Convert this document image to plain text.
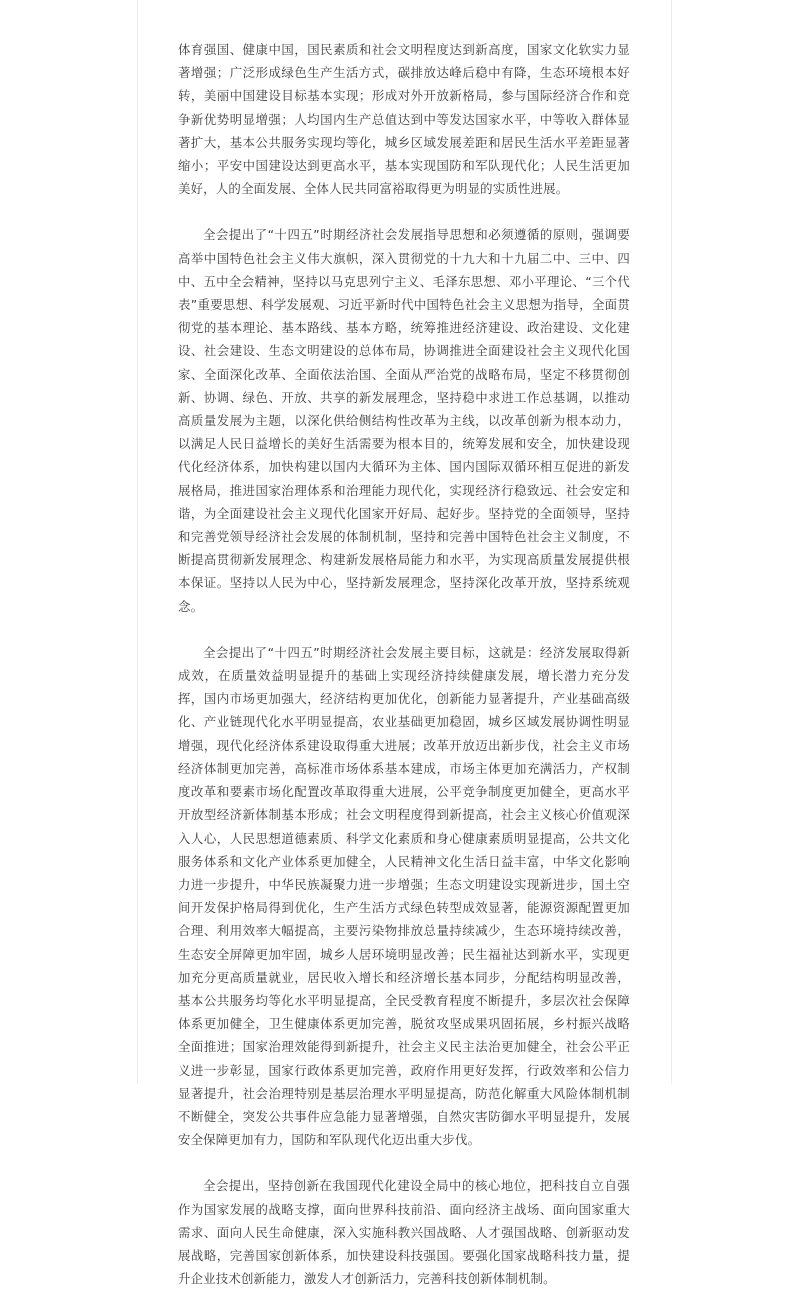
体育强国、健康中国，国民素质和社会文明程度达到新高度，国家文化软实力显著增强；广泛形成绿色生产生活方式，碳排放达峰后稳中有降，生态环境根本好转，美丽中国建设目标基本实现；形成对外开放新格局，参与国际经济合作和竞争新优势明显增强；人均国内生产总值达到中等发达国家水平，中等收入群体显著扩大，基本公共服务实现均等化，城乡区域发展差距和居民生活水平差距显著缩小；平安中国建设达到更高水平，基本实现国防和军队现代化；人民生活更加美好，人的全面发展、全体人民共同富裕取得更为明显的实质性进展。

全会提出了“十四五”时期经济社会发展指导思想和必须遵循的原则，强调要高举中国特色社会主义伟大旗帜，深入贯彻党的十九大和十九届二中、三中、四中、五中全会精神，坚持以马克思列宁主义、毛泽东思想、邓小平理论、“三个代表”重要思想、科学发展观、习近平新时代中国特色社会主义思想为指导，全面贯彻党的基本理论、基本路线、基本方略，统筹推进经济建设、政治建设、文化建设、社会建设、生态文明建设的总体布局，协调推进全面建设社会主义现代化国家、全面深化改革、全面依法治国、全面从严治党的战略布局，坚定不移贯彻创新、协调、绿色、开放、共享的新发展理念，坚持稳中求进工作总基调，以推动高质量发展为主题，以深化供给侧结构性改革为主线，以改革创新为根本动力，以满足人民日益增长的美好生活需要为根本目的，统筹发展和安全，加快建设现代化经济体系，加快构建以国内大循环为主体、国内国际双循环相互促进的新发展格局，推进国家治理体系和治理能力现代化，实现经济行稳致远、社会安定和谐，为全面建设社会主义现代化国家开好局、起好步。坚持党的全面领导，坚持和完善党领导经济社会发展的体制机制，坚持和完善中国特色社会主义制度，不断提高贯彻新发展理念、构建新发展格局能力和水平，为实现高质量发展提供根本保证。坚持以人民为中心，坚持新发展理念，坚持深化改革开放，坚持系统观念。

全会提出了“十四五”时期经济社会发展主要目标，这就是：经济发展取得新成效，在质量效益明显提升的基础上实现经济持续健康发展，增长潜力充分发挥，国内市场更加强大，经济结构更加优化，创新能力显著提升，产业基础高级化、产业链现代化水平明显提高，农业基础更加稳固，城乡区域发展协调性明显增强，现代化经济体系建设取得重大进展；改革开放迈出新步伐，社会主义市场经济体制更加完善，高标准市场体系基本建成，市场主体更加充满活力，产权制度改革和要素市场化配置改革取得重大进展，公平竞争制度更加健全，更高水平开放型经济新体制基本形成；社会文明程度得到新提高，社会主义核心价值观深入人心，人民思想道德素质、科学文化素质和身心健康素质明显提高，公共文化服务体系和文化产业体系更加健全，人民精神文化生活日益丰富，中华文化影响力进一步提升，中华民族凝聚力进一步增强；生态文明建设实现新进步，国土空间开发保护格局得到优化，生产生活方式绿色转型成效显著，能源资源配置更加合理、利用效率大幅提高，主要污染物排放总量持续减少，生态环境持续改善，生态安全屏障更加牢固，城乡人居环境明显改善；民生福祉达到新水平，实现更加充分更高质量就业，居民收入增长和经济增长基本同步，分配结构明显改善，基本公共服务均等化水平明显提高，全民受教育程度不断提升，多层次社会保障体系更加健全，卫生健康体系更加完善，脱贫攻坚成果巩固拓展，乡村振兴战略全面推进；国家治理效能得到新提升，社会主义民主法治更加健全，社会公平正义进一步彰显，国家行政体系更加完善，政府作用更好发挥，行政效率和公信力显著提升，社会治理特别是基层治理水平明显提高，防范化解重大风险体制机制不断健全，突发公共事件应急能力显著增强，自然灾害防御水平明显提升，发展安全保障更加有力，国防和军队现代化迈出重大步伐。

全会提出，坚持创新在我国现代化建设全局中的核心地位，把科技自立自强作为国家发展的战略支撑，面向世界科技前沿、面向经济主战场、面向国家重大需求、面向人民生命健康，深入实施科教兴国战略、人才强国战略、创新驱动发展战略，完善国家创新体系，加快建设科技强国。要强化国家战略科技力量，提升企业技术创新能力，激发人才创新活力，完善科技创新体制机制。
